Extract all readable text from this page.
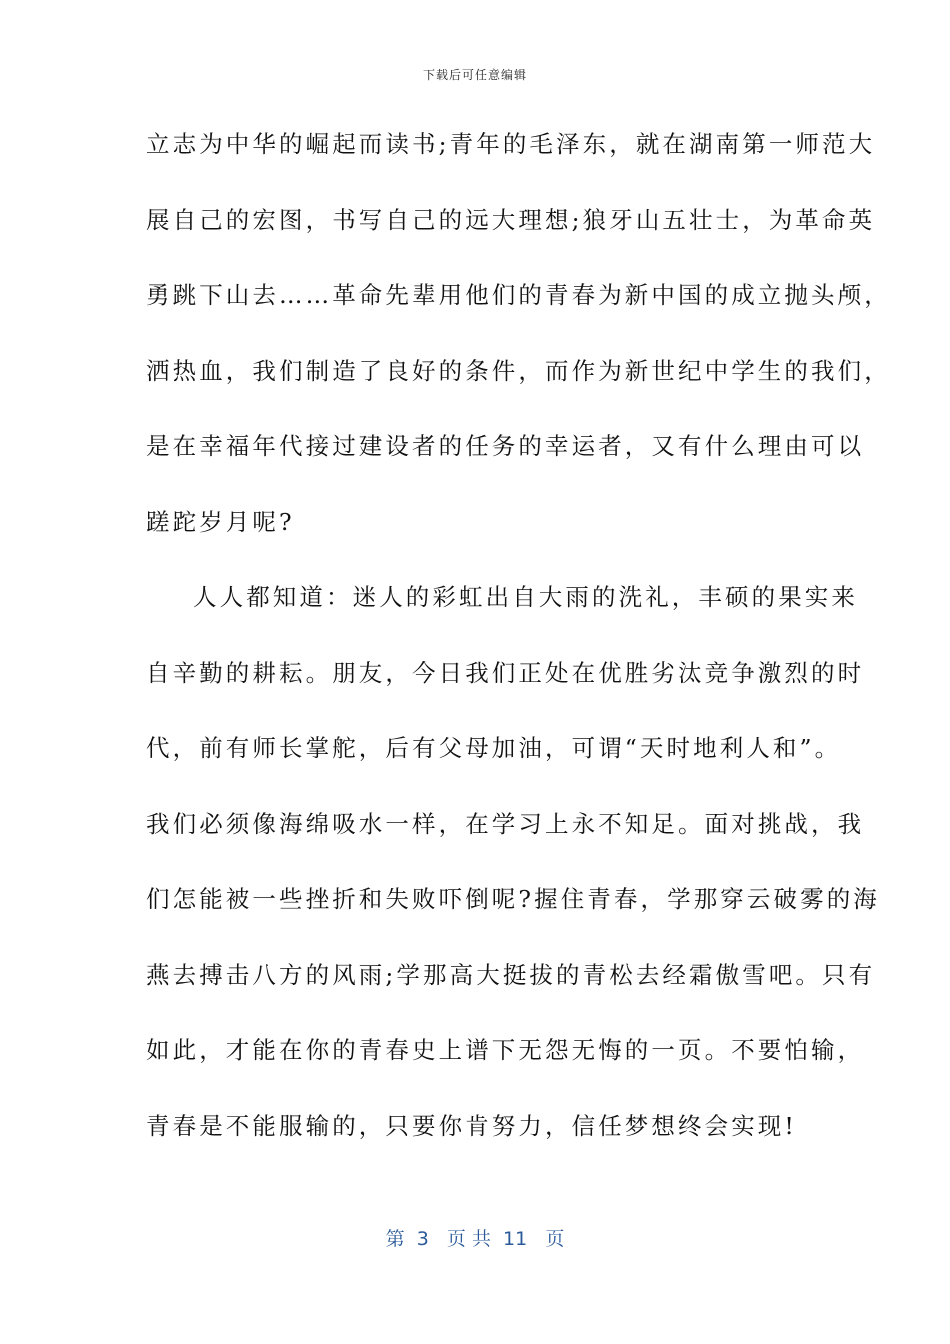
下载后可任意编辑
立志为中华的崛起而读书;青年的毛泽东，就在湖南第一师范大
展自己的宏图，书写自己的远大理想;狼牙山五壮士，为革命英
勇跳下山去……革命先辈用他们的青春为新中国的成立抛头颅，
洒热血，我们制造了良好的条件，而作为新世纪中学生的我们，
是在幸福年代接过建设者的任务的幸运者，又有什么理由可以
蹉跎岁月呢?
人人都知道：迷人的彩虹出自大雨的洗礼，丰硕的果实来
自辛勤的耕耘。朋友，今日我们正处在优胜劣汰竞争激烈的时
代，前有师长掌舵，后有父母加油，可谓“天时地利人和”。
我们必须像海绵吸水一样，在学习上永不知足。面对挑战，我
们怎能被一些挫折和失败吓倒呢?握住青春，学那穿云破雾的海
燕去搏击八方的风雨;学那高大挺拔的青松去经霜傲雪吧。只有
如此，才能在你的青春史上谱下无怨无悔的一页。不要怕输，
青春是不能服输的，只要你肯努力，信任梦想终会实现!
第  3   页 共  11   页
